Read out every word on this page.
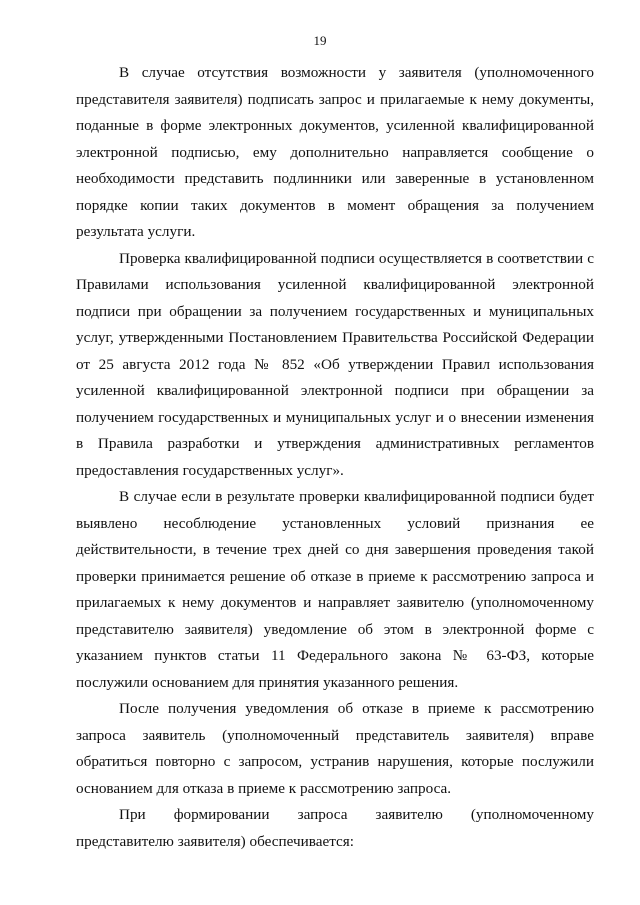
19

В случае отсутствия возможности у заявителя (уполномоченного представителя заявителя) подписать запрос и прилагаемые к нему документы, поданные в форме электронных документов, усиленной квалифицированной электронной подписью, ему дополнительно направляется сообщение о необходимости представить подлинники или заверенные в установленном порядке копии таких документов в момент обращения за получением результата услуги.

Проверка квалифицированной подписи осуществляется в соответствии с Правилами использования усиленной квалифицированной электронной подписи при обращении за получением государственных и муниципальных услуг, утвержденными Постановлением Правительства Российской Федерации от 25 августа 2012 года № 852 «Об утверждении Правил использования усиленной квалифицированной электронной подписи при обращении за получением государственных и муниципальных услуг и о внесении изменения в Правила разработки и утверждения административных регламентов предоставления государственных услуг».

В случае если в результате проверки квалифицированной подписи будет выявлено несоблюдение установленных условий признания ее действительности, в течение трех дней со дня завершения проведения такой проверки принимается решение об отказе в приеме к рассмотрению запроса и прилагаемых к нему документов и направляет заявителю (уполномоченному представителю заявителя) уведомление об этом в электронной форме с указанием пунктов статьи 11 Федерального закона № 63-ФЗ, которые послужили основанием для принятия указанного решения.

После получения уведомления об отказе в приеме к рассмотрению запроса заявитель (уполномоченный представитель заявителя) вправе обратиться повторно с запросом, устранив нарушения, которые послужили основанием для отказа в приеме к рассмотрению запроса.

При формировании запроса заявителю (уполномоченному представителю заявителя) обеспечивается:
